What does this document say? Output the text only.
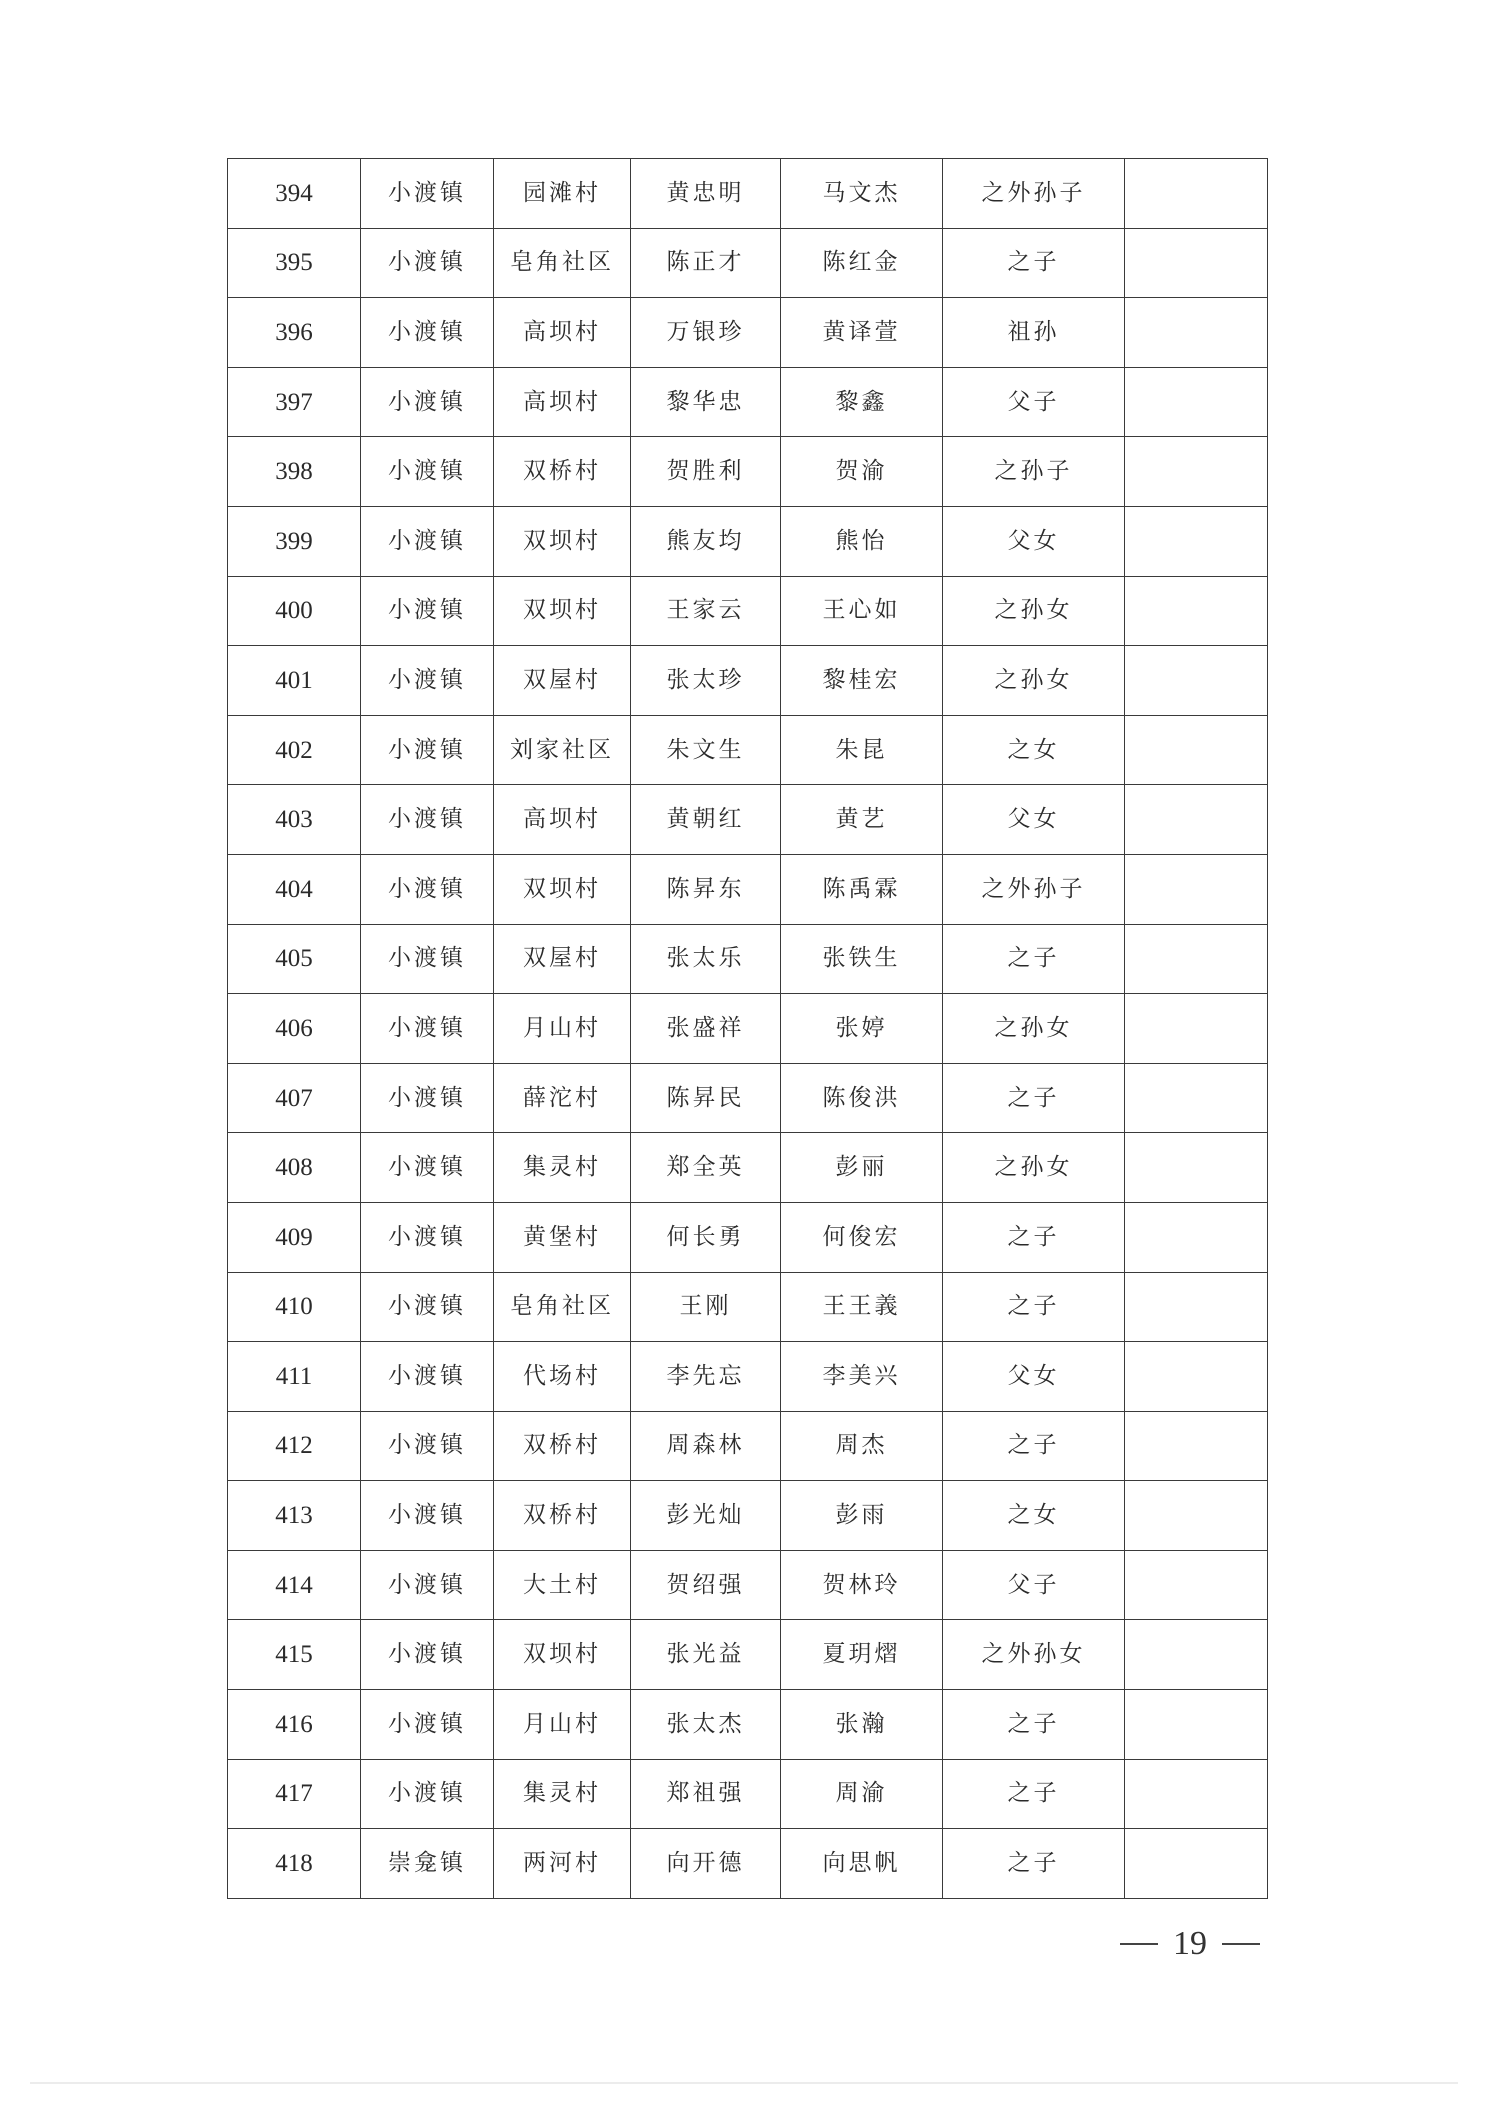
394	小渡镇	园滩村	黄忠明	马文杰	之外孙子	
395	小渡镇	皂角社区	陈正才	陈红金	之子	
396	小渡镇	高坝村	万银珍	黄译萱	祖孙	
397	小渡镇	高坝村	黎华忠	黎鑫	父子	
398	小渡镇	双桥村	贺胜利	贺渝	之孙子	
399	小渡镇	双坝村	熊友均	熊怡	父女	
400	小渡镇	双坝村	王家云	王心如	之孙女	
401	小渡镇	双屋村	张太珍	黎桂宏	之孙女	
402	小渡镇	刘家社区	朱文生	朱昆	之女	
403	小渡镇	高坝村	黄朝红	黄艺	父女	
404	小渡镇	双坝村	陈昇东	陈禹霖	之外孙子	
405	小渡镇	双屋村	张太乐	张铁生	之子	
406	小渡镇	月山村	张盛祥	张婷	之孙女	
407	小渡镇	薛沱村	陈昇民	陈俊洪	之子	
408	小渡镇	集灵村	郑全英	彭丽	之孙女	
409	小渡镇	黄堡村	何长勇	何俊宏	之子	
410	小渡镇	皂角社区	王刚	王王義	之子	
411	小渡镇	代场村	李先忘	李美兴	父女	
412	小渡镇	双桥村	周森林	周杰	之子	
413	小渡镇	双桥村	彭光灿	彭雨	之女	
414	小渡镇	大土村	贺绍强	贺林玲	父子	
415	小渡镇	双坝村	张光益	夏玥熠	之外孙女	
416	小渡镇	月山村	张太杰	张瀚	之子	
417	小渡镇	集灵村	郑祖强	周渝	之子	
418	崇龛镇	两河村	向开德	向思帆	之子	
19
